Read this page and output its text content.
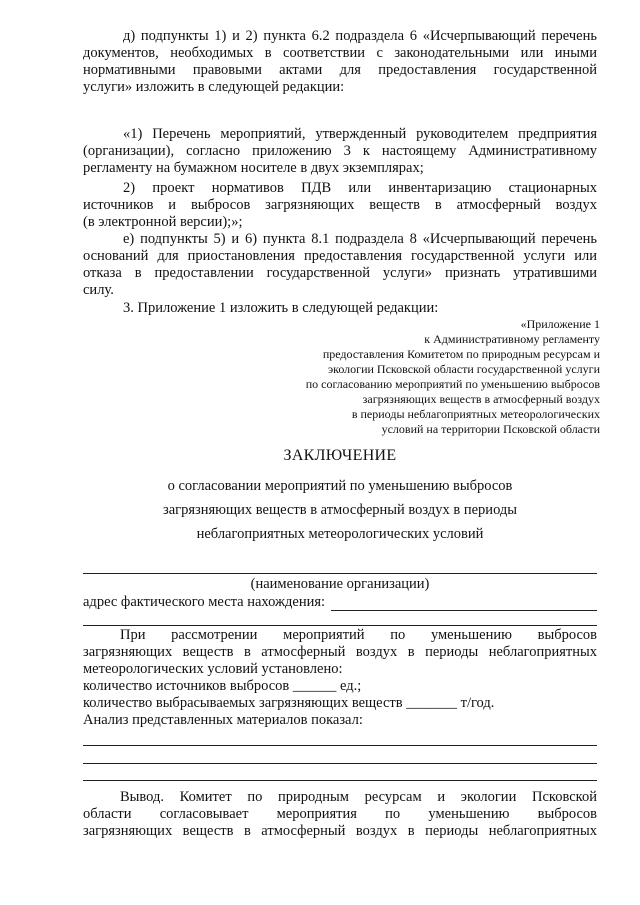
д) подпункты 1) и 2) пункта 6.2 подраздела 6 «Исчерпывающий перечень
документов, необходимых в соответствии с законодательными или иными
нормативными правовыми актами для предоставления государственной
услуги» изложить в следующей редакции:
«1) Перечень мероприятий, утвержденный руководителем предприятия
(организации), согласно приложению 3 к настоящему Административному
регламенту на бумажном носителе в двух экземплярах;
2) проект нормативов ПДВ или инвентаризацию стационарных
источников и выбросов загрязняющих веществ в атмосферный воздух
(в электронной версии);»;
е) подпункты 5) и 6) пункта 8.1 подраздела 8 «Исчерпывающий перечень
оснований для приостановления предоставления государственной услуги или
отказа в предоставлении государственной услуги» признать утратившими
силу.
3. Приложение 1 изложить в следующей редакции:
«Приложение 1
к Административному регламенту
предоставления Комитетом по природным ресурсам и
экологии Псковской области государственной услуги
по согласованию мероприятий по уменьшению выбросов
загрязняющих веществ в атмосферный воздух
в периоды неблагоприятных метеорологических
условий на территории Псковской области
ЗАКЛЮЧЕНИЕ
о согласовании мероприятий по уменьшению выбросов
загрязняющих веществ в атмосферный воздух в периоды
неблагоприятных метеорологических условий
(наименование организации)
адрес фактического места нахождения:
При рассмотрении мероприятий по уменьшению выбросов
загрязняющих веществ в атмосферный воздух в периоды неблагоприятных
метеорологических условий установлено:
количество источников выбросов ______ ед.;
количество выбрасываемых загрязняющих веществ _______ т/год.
Анализ представленных материалов показал:
Вывод. Комитет по природным ресурсам и экологии Псковской
области согласовывает мероприятия по уменьшению выбросов
загрязняющих веществ в атмосферный воздух в периоды неблагоприятных
